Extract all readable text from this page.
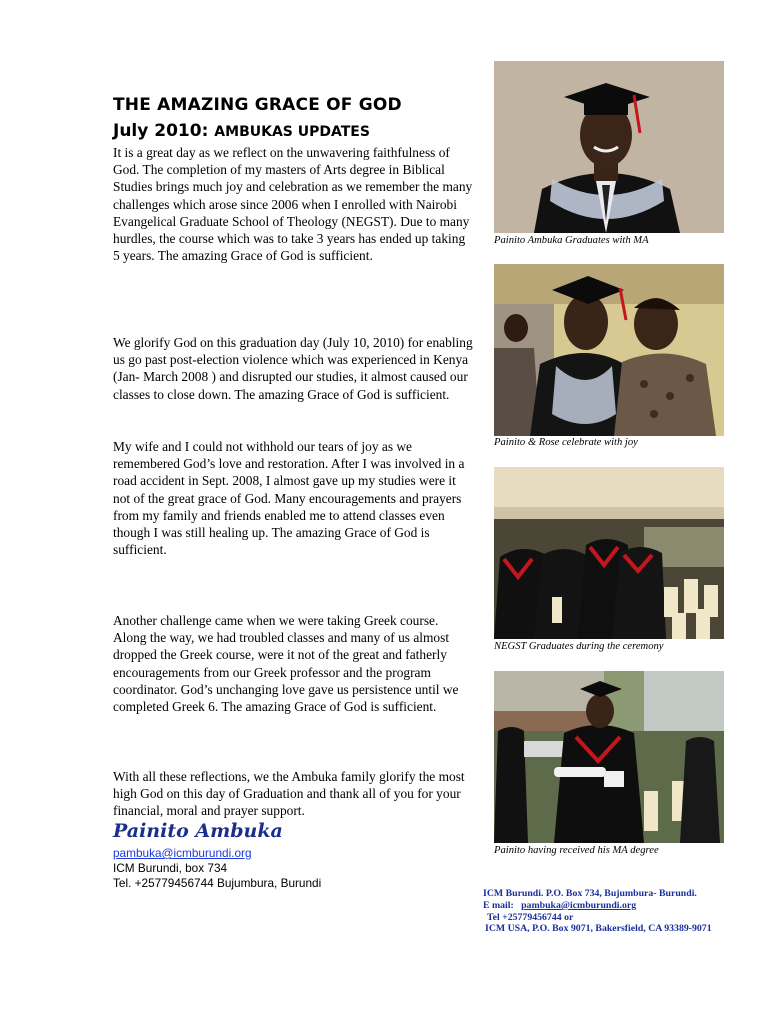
THE AMAZING GRACE OF GOD
July 2010: AMBUKAS UPDATES

It is a great day as we reflect on the unwavering faithfulness of God. The completion of my masters of Arts degree in Biblical Studies brings much joy and celebration as we remember the many challenges which arose since 2006 when I enrolled with Nairobi Evangelical Graduate School of Theology (NEGST). Due to many hurdles, the course which was to take 3 years has ended up taking 5 years. The amazing Grace of God is sufficient.

We glorify God on this graduation day (July 10, 2010) for enabling us go past post-election violence which was experienced in Kenya (Jan- March 2008 ) and disrupted our studies, it almost caused our classes to close down. The amazing Grace of God is sufficient.

My wife and I could not withhold our tears of joy as we remembered God’s love and restoration. After I was involved in a road accident in Sept. 2008, I almost gave up my studies were it not of the great grace of God. Many encouragements and prayers from my family and friends enabled me to attend classes even though I was still healing up. The amazing Grace of God is sufficient.

Another challenge came when we were taking Greek course. Along the way, we had troubled classes and many of us almost dropped the Greek course, were it not of the great and fatherly encouragements from our Greek professor and the program coordinator. God’s unchanging love gave us persistence until we completed Greek 6. The amazing Grace of God is sufficient.

With all these reflections, we the Ambuka family glorify the most high God on this day of Graduation and thank all of you for your financial, moral and prayer support.

Painito Ambuka
pambuka@icmburundi.org
ICM Burundi, box 734
Tel. +25779456744 Bujumbura, Burundi
Painito Ambuka Graduates with MA
Painito & Rose celebrate with joy
NEGST Graduates during the ceremony
Painito having received his MA degree
ICM Burundi. P.O. Box 734, Bujumbura- Burundi.
E mail: pambuka@icmburundi.org
Tel +25779456744 or
ICM USA, P.O. Box 9071, Bakersfield, CA 93389-9071
